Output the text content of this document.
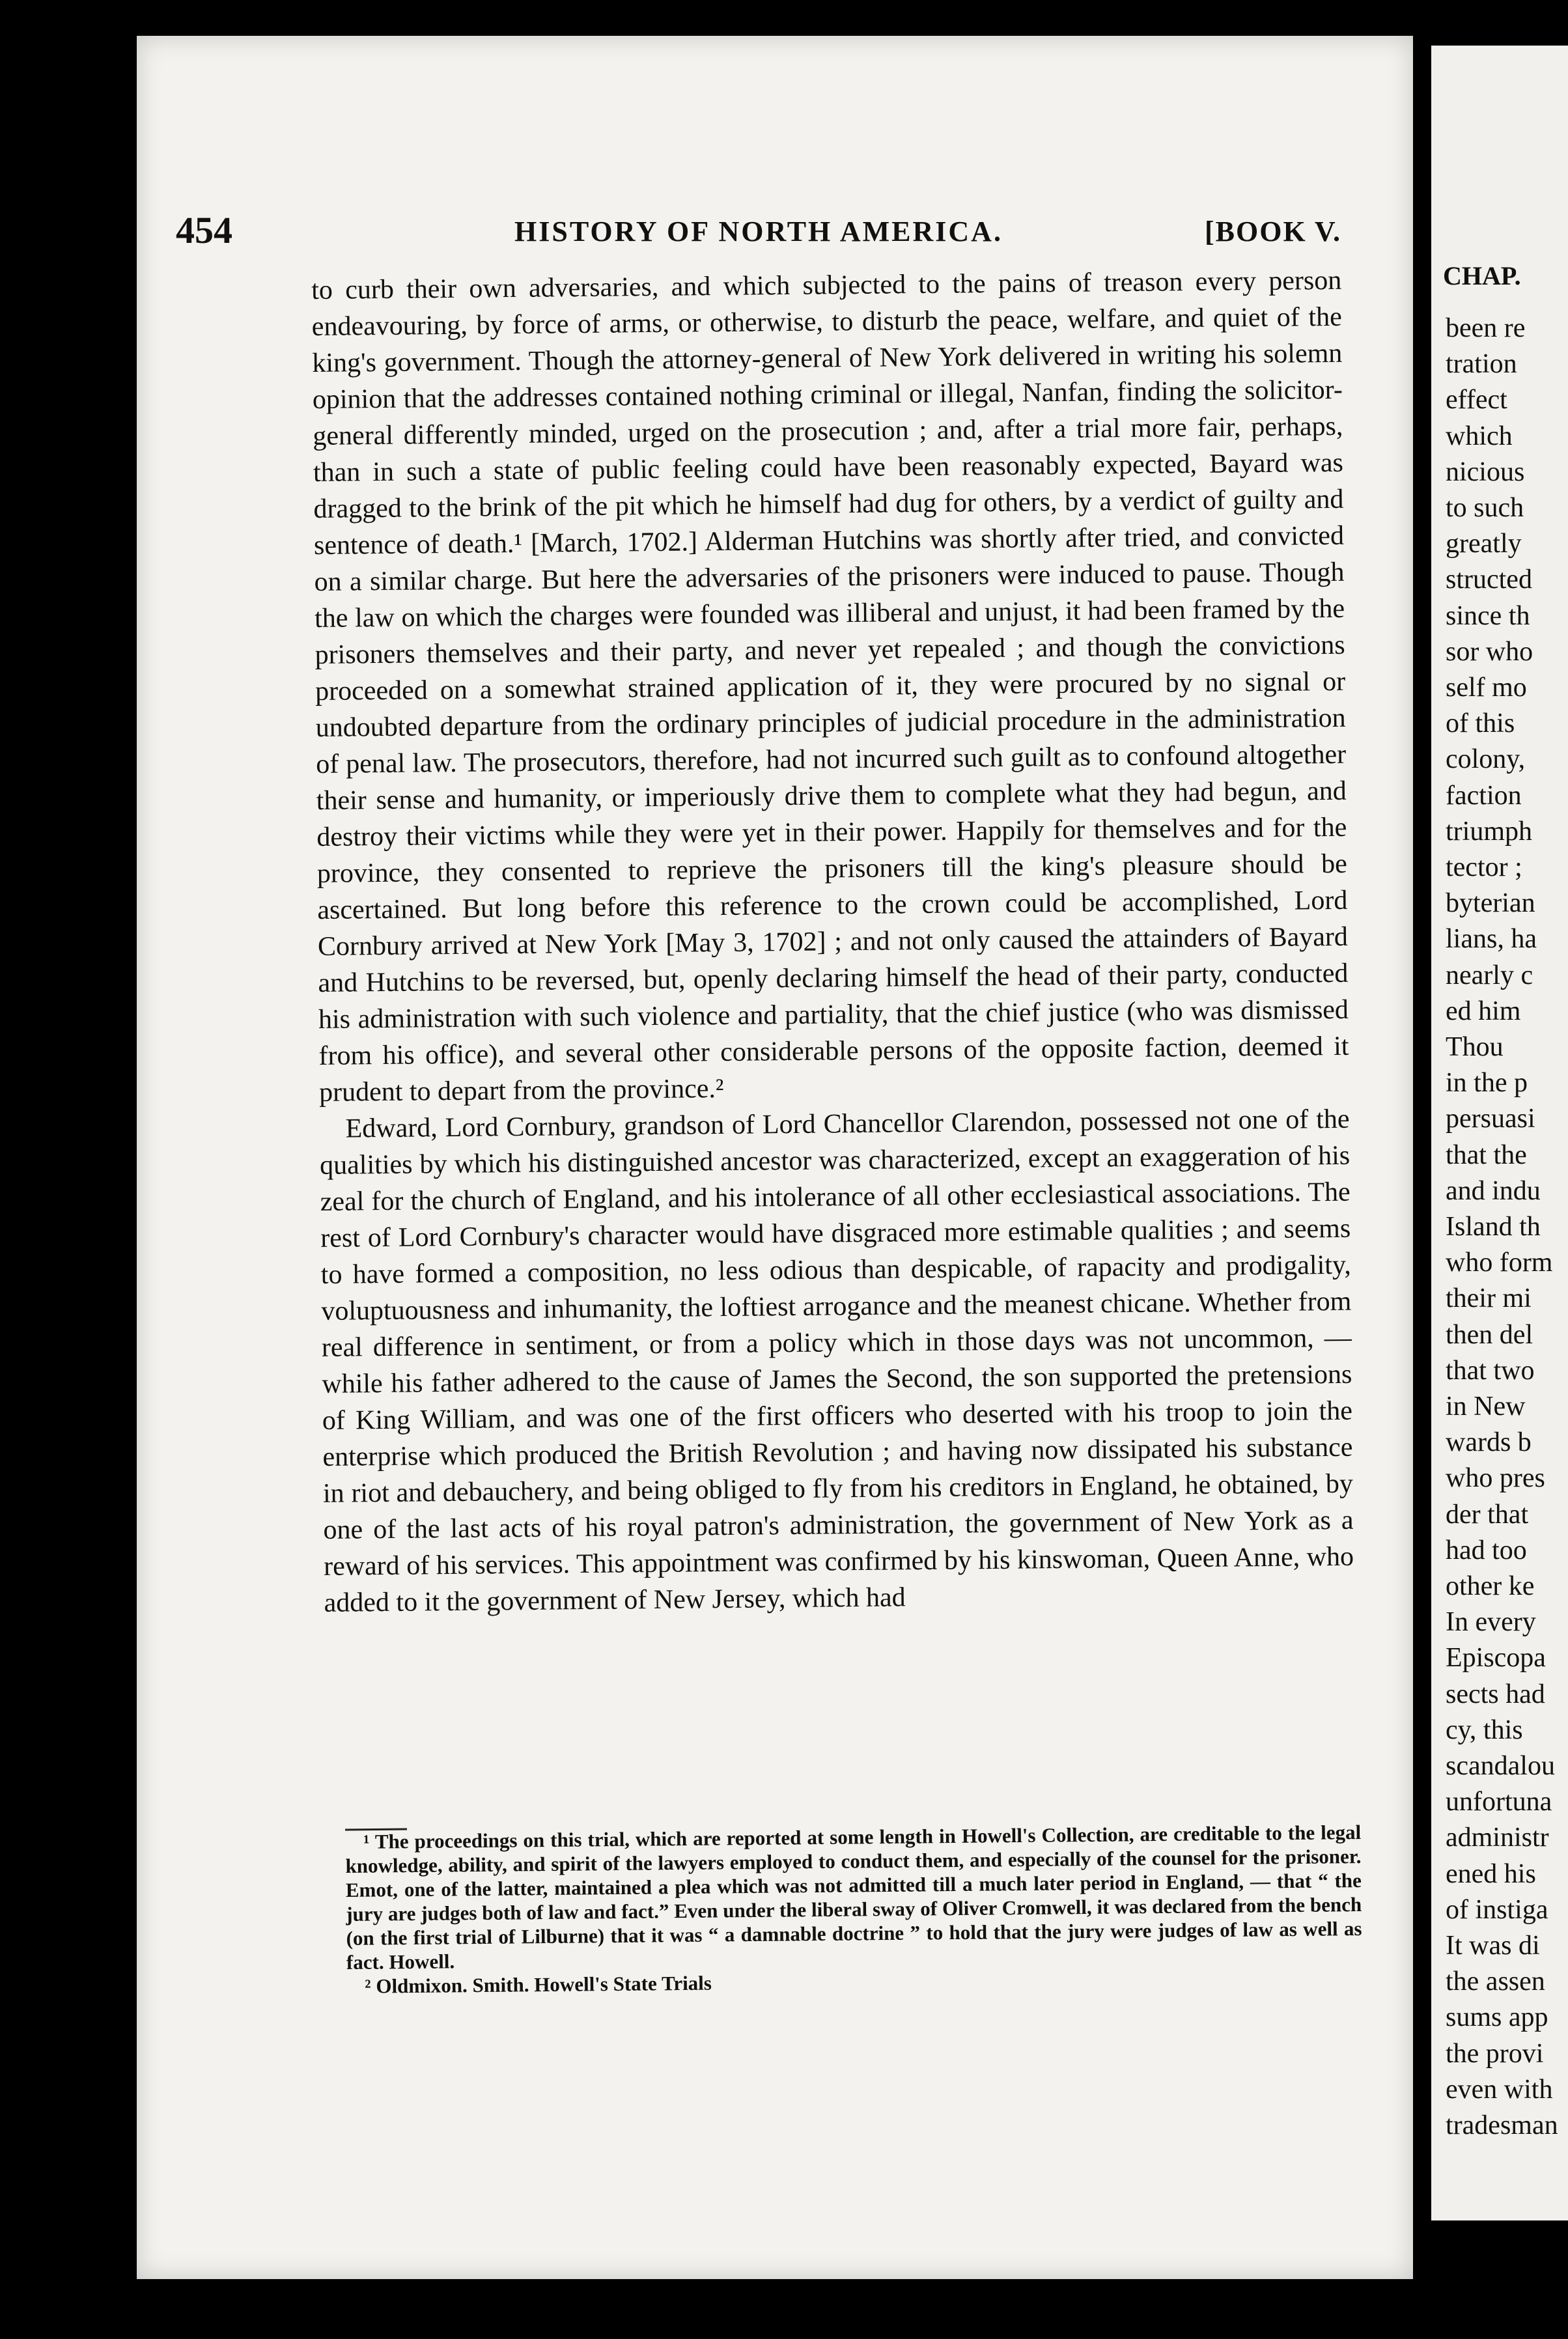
454	HISTORY OF NORTH AMERICA.	[BOOK V.

to curb their own adversaries, and which subjected to the pains of treason every person endeavouring, by force of arms, or otherwise, to disturb the peace, welfare, and quiet of the king's government. Though the attorney-general of New York delivered in writing his solemn opinion that the addresses contained nothing criminal or illegal, Nanfan, finding the solicitor-general differently minded, urged on the prosecution ; and, after a trial more fair, perhaps, than in such a state of public feeling could have been reasonably expected, Bayard was dragged to the brink of the pit which he himself had dug for others, by a verdict of guilty and sentence of death.¹ [March, 1702.] Alderman Hutchins was shortly after tried, and convicted on a similar charge. But here the adversaries of the prisoners were induced to pause. Though the law on which the charges were founded was illiberal and unjust, it had been framed by the prisoners themselves and their party, and never yet repealed ; and though the convictions proceeded on a somewhat strained application of it, they were procured by no signal or undoubted departure from the ordinary principles of judicial procedure in the administration of penal law. The prosecutors, therefore, had not incurred such guilt as to confound altogether their sense and humanity, or imperiously drive them to complete what they had begun, and destroy their victims while they were yet in their power. Happily for themselves and for the province, they consented to reprieve the prisoners till the king's pleasure should be ascertained. But long before this reference to the crown could be accomplished, Lord Cornbury arrived at New York [May 3, 1702] ; and not only caused the attainders of Bayard and Hutchins to be reversed, but, openly declaring himself the head of their party, conducted his administration with such violence and partiality, that the chief justice (who was dismissed from his office), and several other considerable persons of the opposite faction, deemed it prudent to depart from the province.²

Edward, Lord Cornbury, grandson of Lord Chancellor Clarendon, possessed not one of the qualities by which his distinguished ancestor was characterized, except an exaggeration of his zeal for the church of England, and his intolerance of all other ecclesiastical associations. The rest of Lord Cornbury's character would have disgraced more estimable qualities ; and seems to have formed a composition, no less odious than despicable, of rapacity and prodigality, voluptuousness and inhumanity, the loftiest arrogance and the meanest chicane. Whether from real difference in sentiment, or from a policy which in those days was not uncommon, — while his father adhered to the cause of James the Second, the son supported the pretensions of King William, and was one of the first officers who deserted with his troop to join the enterprise which produced the British Revolution ; and having now dissipated his substance in riot and debauchery, and being obliged to fly from his creditors in England, he obtained, by one of the last acts of his royal patron's administration, the government of New York as a reward of his services. This appointment was confirmed by his kinswoman, Queen Anne, who added to it the government of New Jersey, which had

¹ The proceedings on this trial, which are reported at some length in Howell's Collection, are creditable to the legal knowledge, ability, and spirit of the lawyers employed to conduct them, and especially of the counsel for the prisoner. Emot, one of the latter, maintained a plea which was not admitted till a much later period in England, — that “ the jury are judges both of law and fact.” Even under the liberal sway of Oliver Cromwell, it was declared from the bench (on the first trial of Lilburne) that it was “ a damnable doctrine ” to hold that the jury were judges of law as well as fact. Howell.

² Oldmixon. Smith. Howell's State Trials

CHAP.
been re
tration
effect
which
nicious
to such
greatly
structed
since th
sor who
self mo
of this
colony,
faction
triumph
tector ;
byterian
lians, ha
nearly c
ed him
Thou
in the p
persuasi
that the
and indu
Island th
who form
their mi
then del
that two
in New
wards b
who pres
der that
had too
other ke
In every
Episcopa
sects had
cy, this
scandalou
unfortuna
administr
ened his
of instiga
It was di
the assen
sums app
the provi
even with
tradesman
